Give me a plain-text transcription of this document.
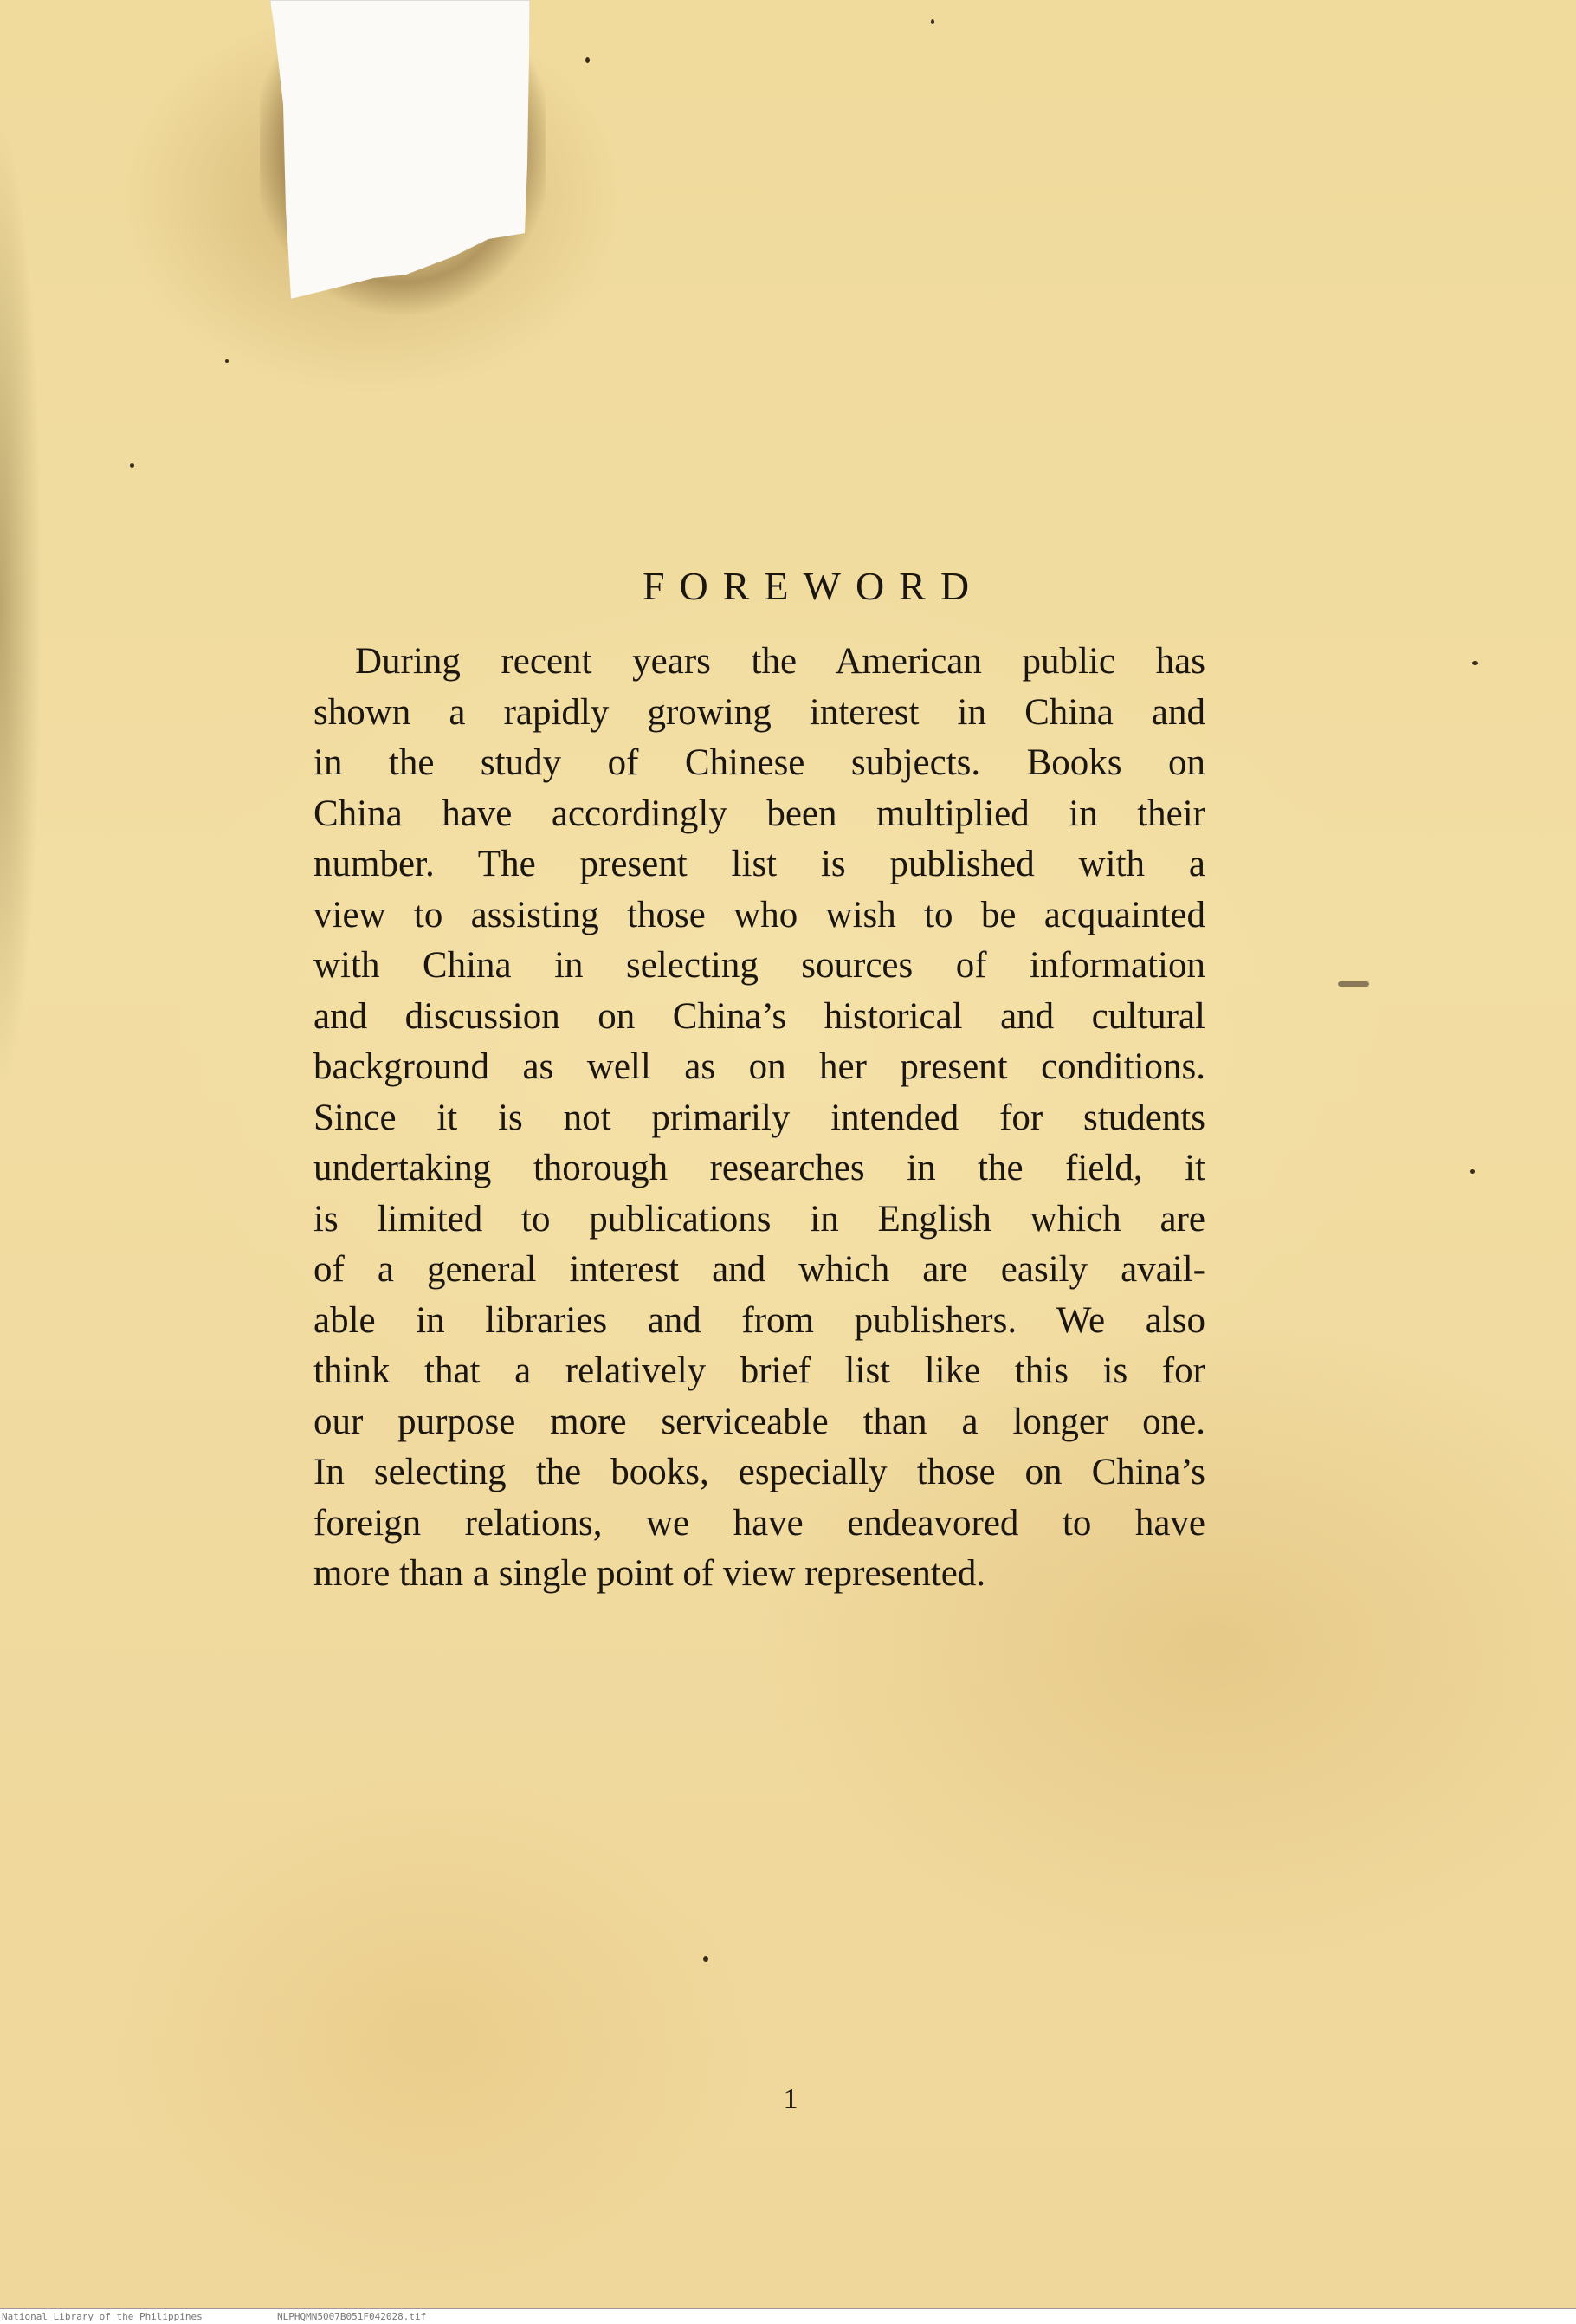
FOREWORD
During recent years the American public has
shown a rapidly growing interest in China and
in the study of Chinese subjects. Books on
China have accordingly been multiplied in their
number. The present list is published with a
view to assisting those who wish to be acquainted
with China in selecting sources of information
and discussion on China’s historical and cultural
background as well as on her present conditions.
Since it is not primarily intended for students
undertaking thorough researches in the field, it
is limited to publications in English which are
of a general interest and which are easily avail-
able in libraries and from publishers. We also
think that a relatively brief list like this is for
our purpose more serviceable than a longer one.
In selecting the books, especially those on China’s
foreign relations, we have endeavored to have
more than a single point of view represented.
1
National Library of the Philippines	NLPHQMN5007B051F042028.tif
